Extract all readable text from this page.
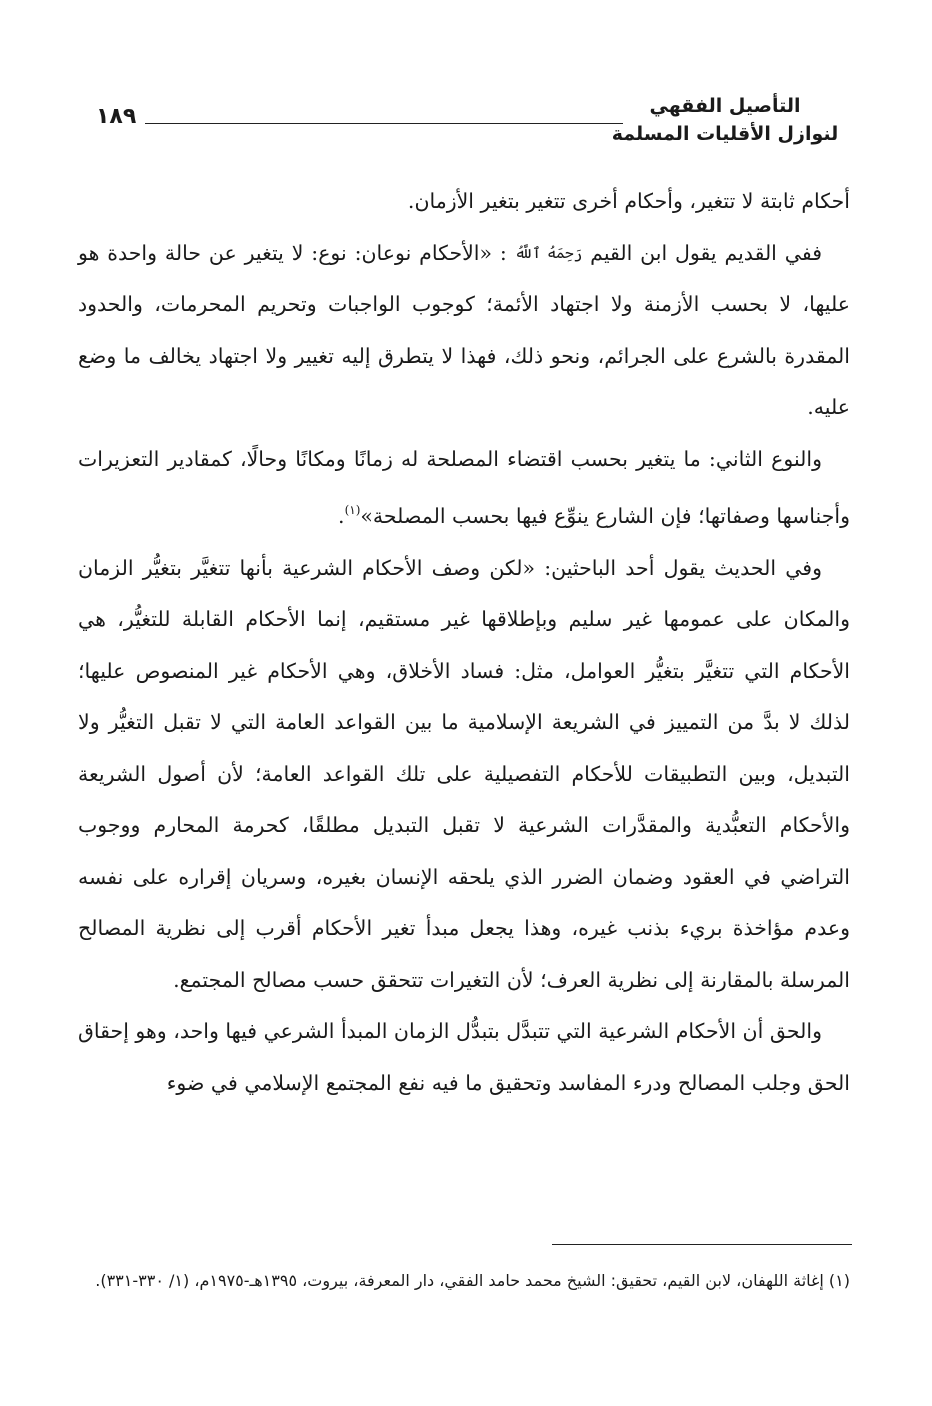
التأصيل الفقهي
لنوازل الأقليات المسلمة
١٨٩

أحكام ثابتة لا تتغير، وأحكام أخرى تتغير بتغير الأزمان.

ففي القديم يقول ابن القيم رَحِمَهُ ٱللَّهُ : «الأحكام نوعان: نوع: لا يتغير عن حالة واحدة هو عليها، لا بحسب الأزمنة ولا اجتهاد الأئمة؛ كوجوب الواجبات وتحريم المحرمات، والحدود المقدرة بالشرع على الجرائم، ونحو ذلك، فهذا لا يتطرق إليه تغيير ولا اجتهاد يخالف ما وضع عليه.

والنوع الثاني: ما يتغير بحسب اقتضاء المصلحة له زمانًا ومكانًا وحالًا، كمقادير التعزيرات وأجناسها وصفاتها؛ فإن الشارع ينوِّع فيها بحسب المصلحة»$^{(١)}$.

وفي الحديث يقول أحد الباحثين: «لكن وصف الأحكام الشرعية بأنها تتغيَّر بتغيُّر الزمان والمكان على عمومها غير سليم وبإطلاقها غير مستقيم، إنما الأحكام القابلة للتغيُّر، هي الأحكام التي تتغيَّر بتغيُّر العوامل، مثل: فساد الأخلاق، وهي الأحكام غير المنصوص عليها؛ لذلك لا بدَّ من التمييز في الشريعة الإسلامية ما بين القواعد العامة التي لا تقبل التغيُّر ولا التبديل، وبين التطبيقات للأحكام التفصيلية على تلك القواعد العامة؛ لأن أصول الشريعة والأحكام التعبُّدية والمقدَّرات الشرعية لا تقبل التبديل مطلقًا، كحرمة المحارم ووجوب التراضي في العقود وضمان الضرر الذي يلحقه الإنسان بغيره، وسريان إقراره على نفسه وعدم مؤاخذة بريء بذنب غيره، وهذا يجعل مبدأ تغير الأحكام أقرب إلى نظرية المصالح المرسلة بالمقارنة إلى نظرية العرف؛ لأن التغيرات تتحقق حسب مصالح المجتمع.

والحق أن الأحكام الشرعية التي تتبدَّل بتبدُّل الزمان المبدأ الشرعي فيها واحد، وهو إحقاق الحق وجلب المصالح ودرء المفاسد وتحقيق ما فيه نفع المجتمع الإسلامي في ضوء

(١) إغاثة اللهفان، لابن القيم، تحقيق: الشيخ محمد حامد الفقي، دار المعرفة، بيروت، ١٣٩٥هـ-١٩٧٥م، (١/ ٣٣٠-٣٣١).
